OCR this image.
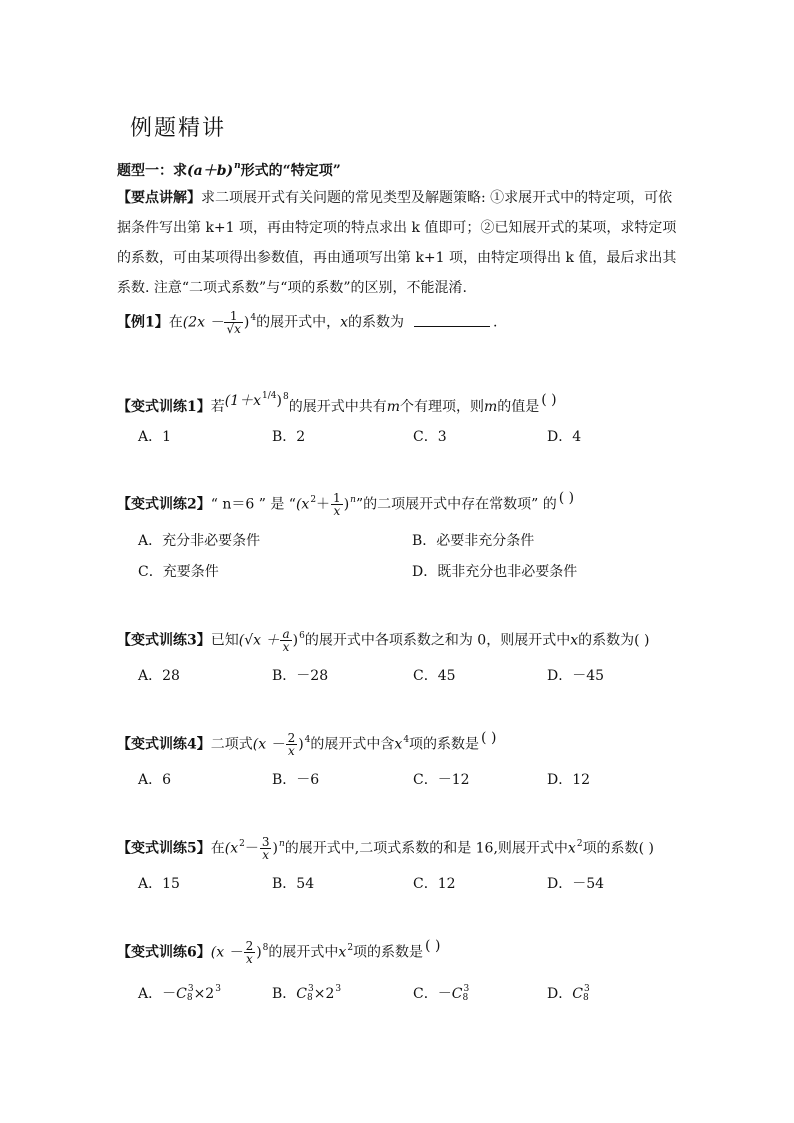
例题精讲
题型一：求$(a+b)^n$形式的“特定项”
【要点讲解】求二项展开式有关问题的常见类型及解题策略: ①求展开式中的特定项，可依
据条件写出第 k+1 项，再由特定项的特点求出 k 值即可；②已知展开式的某项，求特定项
的系数，可由某项得出参数值，再由通项写出第 k+1 项，由特定项得出 k 值，最后求出其
系数. 注意“二项式系数”与“项的系数”的区别，不能混淆.
【例1】在$(2x - \frac{1}{√x} )^4$的展开式中，x的系数为	.
【变式训练1】若$(1+x^{1/4})^8$的展开式中共有m个有理项，则m的值是 ( )
A．1	B．2	C．3	D．4
【变式训练2】“ n＝6 ” 是 “$(x^2+ \frac{1}{x} )^n$”的二项展开式中存在常数项” 的 ( )
A．充分非必要条件	B．必要非充分条件
C．充要条件	D．既非充分也非必要条件
【变式训练3】已知$(√x + \frac{a}{x} )^6$的展开式中各项系数之和为 0，则展开式中x的系数为( )
A．28	B．－28	C．45	D．－45
【变式训练4】二项式$(x - \frac{2}{x} )^4$的展开式中含$x^4$项的系数是 ( )
A．6	B．－6	C．－12	D．12
【变式训练5】在$(x^2- \frac{3}{x} )^n$的展开式中,二项式系数的和是 16,则展开式中$x^2$项的系数( )
A．15	B．54	C．12	D．－54
【变式训练6】$(x - \frac{2}{x} )^8$的展开式中$x^2$项的系数是 ( )
A．－C 3
$8 \times 2^3$	B．C 3
$8 \times 2^3$	C．－C 3
8	D．C 3
8
